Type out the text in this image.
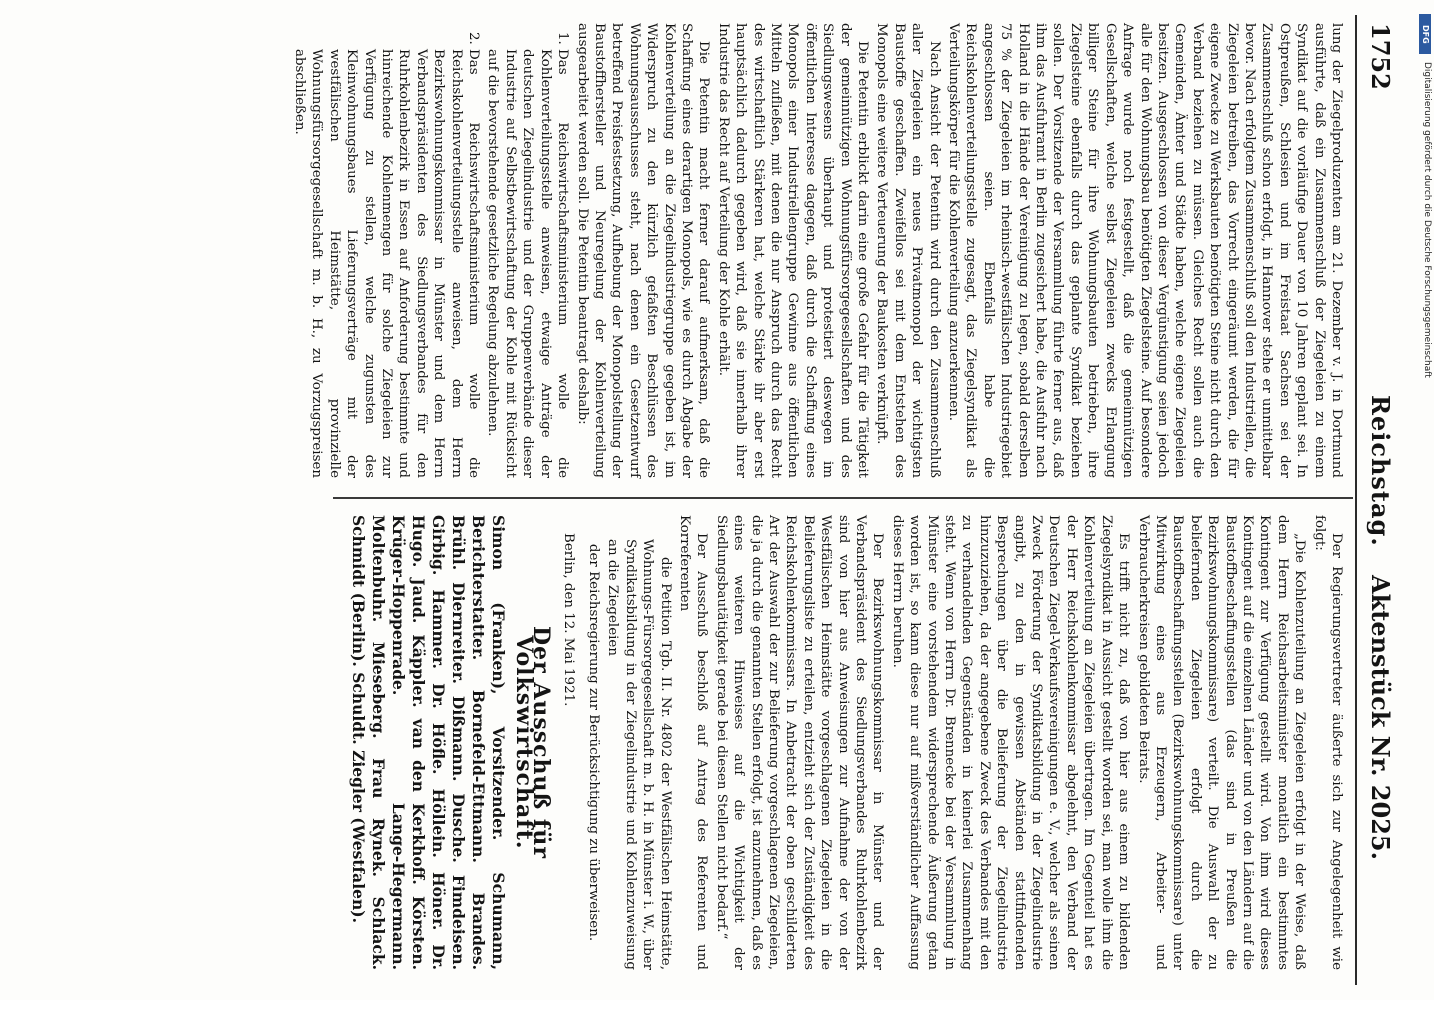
1752
Reichstag.
Aktenstück Nr. 2025.

lung der Ziegelproduzenten am 21. Dezember v. J. in Dortmund ausführte, daß ein Zusammenschluß der Ziegeleien zu einem Syndikat auf die vorläufige Dauer von 10 Jahren geplant sei. In Ostpreußen, Schlesien und im Freistaat Sachsen sei der Zusammenschluß schon erfolgt, in Hannover stehe er unmittelbar bevor. Nach erfolgtem Zusammenschluß soll den Industriellen, die Ziegeleien betreiben, das Vorrecht eingeräumt werden, die für eigene Zwecke zu Werksbauten benötigten Steine nicht durch den Verband beziehen zu müssen. Gleiches Recht sollen auch die Gemeinden, Ämter und Städte haben, welche eigene Ziegeleien besitzen. Ausgeschlossen von dieser Vergünstigung seien jedoch alle für den Wohnungsbau benötigten Ziegelsteine. Auf besondere Anfrage wurde noch festgestellt, daß die gemeinnützigen Gesellschaften, welche selbst Ziegeleien zwecks Erlangung billiger Steine für ihre Wohnungsbauten betrieben, ihre Ziegelsteine ebenfalls durch das geplante Syndikat beziehen sollen. Der Vorsitzende der Versammlung führte ferner aus, daß ihm das Ausfuhramt in Berlin zugesichert habe, die Ausfuhr nach Holland in die Hände der Vereinigung zu legen, sobald derselben 75 % der Ziegeleien im rheinisch-westfälischen Industriegebiet angeschlossen seien. Ebenfalls habe die Reichskohlenverteilungsstelle zugesagt, das Ziegelsyndikat als Verteilungskörper für die Kohlenverteilung anzuerkennen.

Nach Ansicht der Petentin wird durch den Zusammenschluß aller Ziegeleien ein neues Privatmonopol der wichtigsten Baustoffe geschaffen. Zweifellos sei mit dem Entstehen des Monopols eine weitere Verteuerung der Baukosten verknüpft.

Die Petentin erblickt darin eine große Gefahr für die Tätigkeit der gemeinnützigen Wohnungsfürsorgegesellschaften und des Siedlungswesens überhaupt und protestiert deswegen im öffentlichen Interesse dagegen, daß durch die Schaffung eines Monopols einer Industriellengruppe Gewinne aus öffentlichen Mitteln zufließen, mit denen die nur Anspruch durch das Recht des wirtschaftlich Stärkeren hat, welche Stärke ihr aber erst hauptsächlich dadurch gegeben wird, daß sie innerhalb ihrer Industrie das Recht auf Verteilung der Kohle erhält.

Die Petentin macht ferner darauf aufmerksam, daß die Schaffung eines derartigen Monopols, wie es durch Abgabe der Kohlenverteilung an die Ziegelindustriegruppe gegeben ist, im Widerspruch zu den kürzlich gefaßten Beschlüssen des Wohnungsausschusses steht, nach denen ein Gesetzentwurf betreffend Preisfestsetzung, Aufhebung der Monopolstellung der Baustoffhersteller und Neuregelung der Kohlenverteilung ausgearbeitet werden soll. Die Petentin beantragt deshalb:

1. Das Reichswirtschaftsministerium wolle die Kohlenverteilungsstelle anweisen, etwaige Anträge der deutschen Ziegelindustrie und der Gruppenverbände dieser Industrie auf Selbstbewirtschaftung der Kohle mit Rücksicht auf die bevorstehende gesetzliche Regelung abzulehnen.
2. Das Reichswirtschaftsministerium wolle die Reichskohlenverteilungsstelle anweisen, dem Herrn Bezirkswohnungskommissar in Münster und dem Herrn Verbandspräsidenten des Siedlungsverbandes für den Ruhrkohlenbezirk in Essen auf Anforderung bestimmte und hinreichende Kohlenmengen für solche Ziegeleien zur Verfügung zu stellen, welche zugunsten des Kleinwohnungsbaues Lieferungsverträge mit der westfälischen Heimstätte, provinzielle Wohnungsfürsorgegesellschaft m. b. H., zu Vorzugspreisen abschließen.

Der Regierungsvertreter äußerte sich zur Angelegenheit wie folgt:

„Die Kohlenzuteilung an Ziegeleien erfolgt in der Weise, daß dem Herrn Reichsarbeitsminister monatlich ein bestimmtes Kontingent zur Verfügung gestellt wird. Von ihm wird dieses Kontingent auf die einzelnen Länder und von den Ländern auf die Baustoffbeschaffungsstellen (das sind in Preußen die Bezirkswohnungskommissare) verteilt. Die Auswahl der zu beliefernden Ziegeleien erfolgt durch die Baustoffbeschaffungsstellen (Bezirkswohnungskommissare) unter Mitwirkung eines aus Erzeugern, Arbeiter- und Verbraucherkreisen gebildeten Beirats.

Es trifft nicht zu, daß von hier aus einem zu bildenden Ziegelsyndikat in Aussicht gestellt worden sei, man wolle ihm die Kohlenverteilung an Ziegeleien übertragen. Im Gegenteil hat es der Herr Reichskohlenkommissar abgelehnt, den Verband der Deutschen Ziegel-Verkaufsvereinigungen e. V., welcher als seinen Zweck Förderung der Syndikatsbildung in der Ziegelindustrie angibt, zu den in gewissen Abständen stattfindenden Besprechungen über die Belieferung der Ziegelindustrie hinzuzuziehen, da der angegebene Zweck des Verbandes mit den zu verhandelnden Gegenständen in keinerlei Zusammenhang steht. Wenn von Herrn Dr. Brennecke bei der Versammlung in Münster eine vorstehendem widersprechende Äußerung getan worden ist, so kann diese nur auf mißverständlicher Auffassung dieses Herrn beruhen.

Der Bezirkswohnungskommissar in Münster und der Verbandspräsident des Siedlungsverbandes Ruhrkohlenbezirk sind von hier aus Anweisungen zur Aufnahme der von der Westfälischen Heimstätte vorgeschlagenen Ziegeleien in die Belieferungsliste zu erteilen, entzieht sich der Zuständigkeit des Reichskohlenkommissars. In Anbetracht der oben geschilderten Art der Auswahl der zur Belieferung vorgeschlagenen Ziegeleien, die ja durch die genannten Stellen erfolgt, ist anzunehmen, daß es eines weiteren Hinweises auf die Wichtigkeit der Siedlungsbautätigkeit gerade bei diesen Stellen nicht bedarf.“

Der Ausschuß beschloß auf Antrag des Referenten und Korreferenten

die Petition Tgb. II. Nr. 4802 der Westfälischen Heimstätte, Wohnungs-Fürsorgegesellschaft m. b. H. in Münster i. W., über Syndikatsbildung in der Ziegelindustrie und Kohlenzuweisung an die Ziegeleien

der Reichsregierung zur Berücksichtigung zu überweisen.

Berlin, den 12. Mai 1921.

Der Ausschuß für Volkswirtschaft.
Simon (Franken), Vorsitzender. Schumann, Berichterstatter. Bornefeld-Ettmann. Brandes. Brühl. Diernreiter. Dißmann. Dusche. Fimdeisen. Girbig. Hammer. Dr. Höfle. Höllein. Höner. Dr. Hugo. Jaud. Käppler. van den Kerkhoff. Körsten. Krüger-Hoppenrade. Lange-Hegermann. Moltenbuhr. Mieseberg. Frau Rynek. Schlack. Schmidt (Berlin). Schuldt. Ziegler (Westfalen).
DFG
Digitalisierung gefördert durch die Deutsche Forschungsgemeinschaft
